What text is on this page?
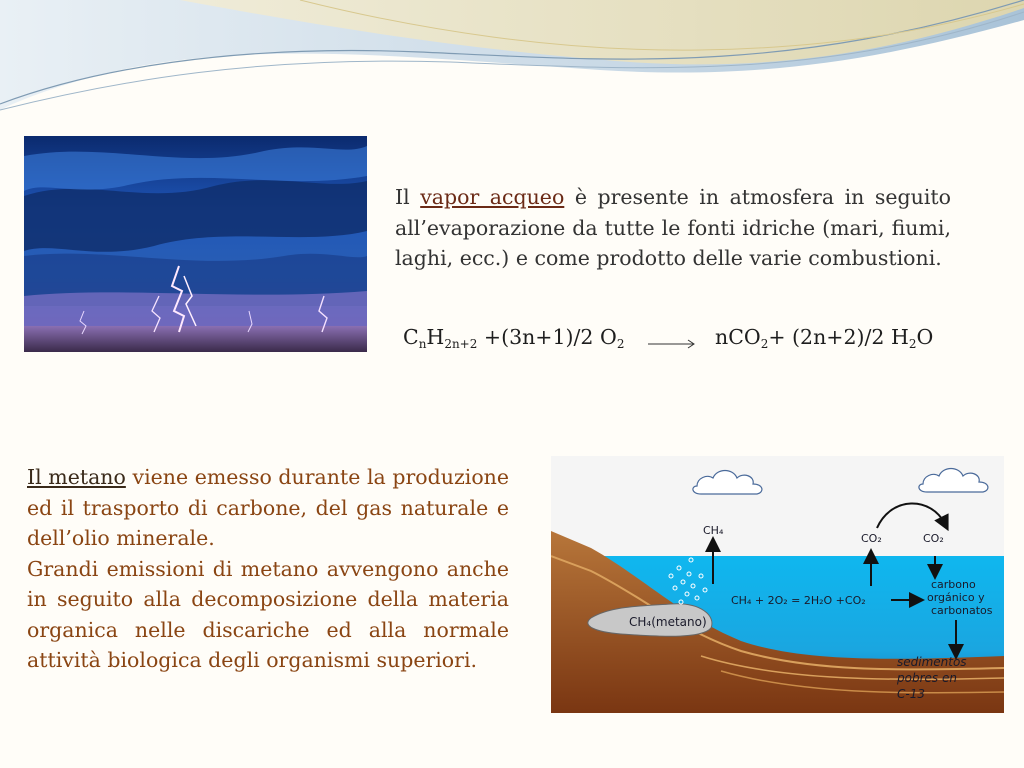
Il vapor acqueo è presente in atmosfera in seguito all’evaporazione da tutte le fonti idriche (mari, fiumi, laghi, ecc.) e come prodotto delle varie combustioni.
$C_nH_{2n+2} +(3n+1)/2$ $O_2 \to nCO_2+ (2n+2)/2$ $H_2O$

Il metano viene emesso durante la produzione ed il trasporto di carbone, del gas naturale e dell’olio minerale.

Grandi emissioni di metano avvengono anche in seguito alla decomposizione della materia organica nelle discariche ed alla normale attività biologica degli organismi superiori.

CH₄
CO₂	CO₂
CH₄ + 2O₂ = 2H₂O +CO₂
carbono
orgánico y
carbonatos
CH₄(metano)
sedimentos
pobres en
C-13
